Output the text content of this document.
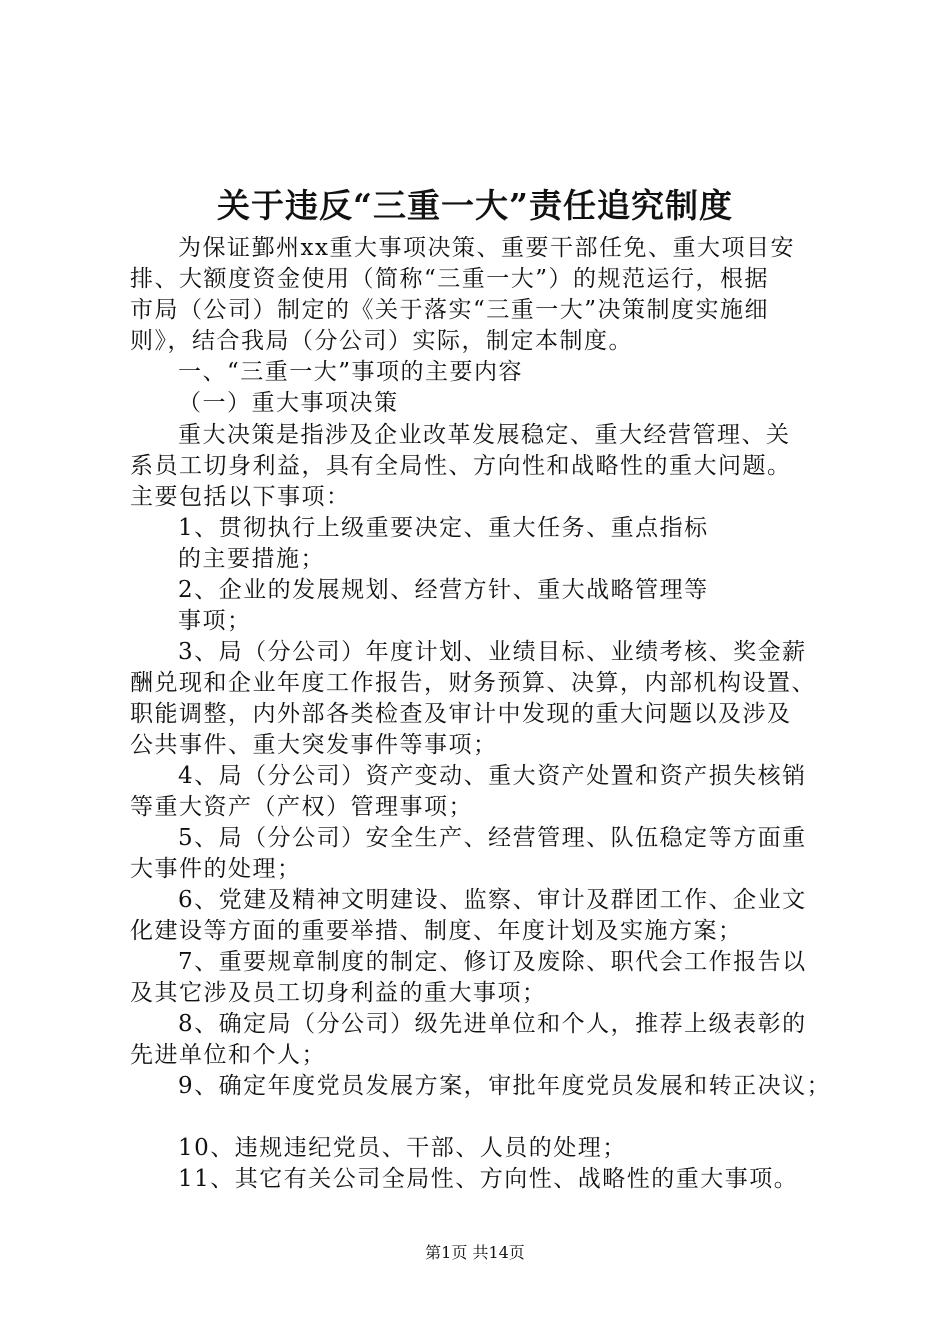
关于违反“三重一大”责任追究制度
为保证鄞州xx重大事项决策、重要干部任免、重大项目安
排、大额度资金使用（简称“三重一大”）的规范运行，根据
市局（公司）制定的《关于落实“三重一大”决策制度实施细
则》，结合我局（分公司）实际，制定本制度。
一、“三重一大”事项的主要内容
（一）重大事项决策
重大决策是指涉及企业改革发展稳定、重大经营管理、关
系员工切身利益，具有全局性、方向性和战略性的重大问题。
主要包括以下事项：
1、贯彻执行上级重要决定、重大任务、重点指标
的主要措施；
2、企业的发展规划、经营方针、重大战略管理等
事项；
3、局（分公司）年度计划、业绩目标、业绩考核、奖金薪
酬兑现和企业年度工作报告，财务预算、决算，内部机构设置、
职能调整，内外部各类检查及审计中发现的重大问题以及涉及
公共事件、重大突发事件等事项；
4、局（分公司）资产变动、重大资产处置和资产损失核销
等重大资产（产权）管理事项；
5、局（分公司）安全生产、经营管理、队伍稳定等方面重
大事件的处理；
6、党建及精神文明建设、监察、审计及群团工作、企业文
化建设等方面的重要举措、制度、年度计划及实施方案；
7、重要规章制度的制定、修订及废除、职代会工作报告以
及其它涉及员工切身利益的重大事项；
8、确定局（分公司）级先进单位和个人，推荐上级表彰的
先进单位和个人；
9、确定年度党员发展方案，审批年度党员发展和转正决议；
10、违规违纪党员、干部、人员的处理；
11、其它有关公司全局性、方向性、战略性的重大事项。
第1页 共14页
